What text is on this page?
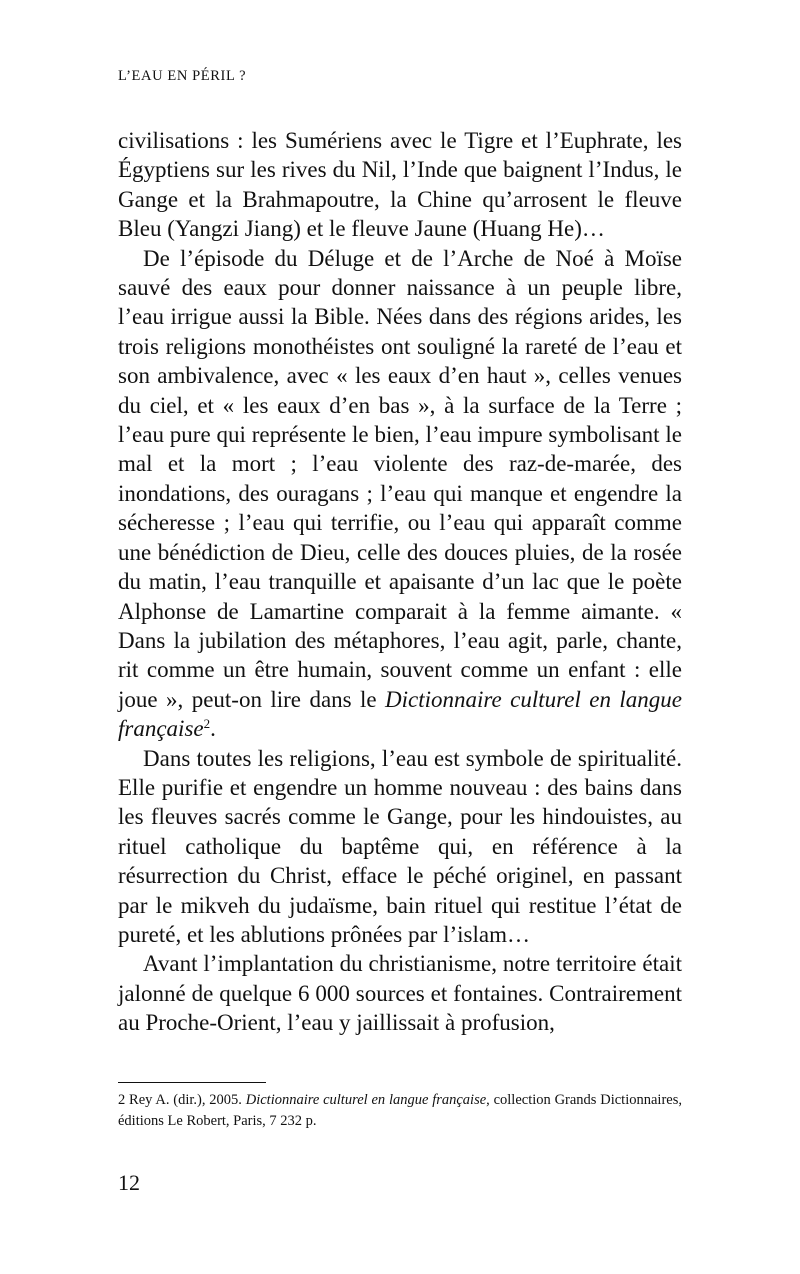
L’EAU EN PÉRIL ?

civilisations : les Sumériens avec le Tigre et l’Euphrate, les Égyptiens sur les rives du Nil, l’Inde que baignent l’Indus, le Gange et la Brahmapoutre, la Chine qu’arrosent le fleuve Bleu (Yangzi Jiang) et le fleuve Jaune (Huang He)…

De l’épisode du Déluge et de l’Arche de Noé à Moïse sauvé des eaux pour donner naissance à un peuple libre, l’eau irrigue aussi la Bible. Nées dans des régions arides, les trois religions monothéistes ont souligné la rareté de l’eau et son ambivalence, avec « les eaux d’en haut », celles venues du ciel, et « les eaux d’en bas », à la surface de la Terre ; l’eau pure qui représente le bien, l’eau impure symbolisant le mal et la mort ; l’eau violente des raz-de-marée, des inondations, des ouragans ; l’eau qui manque et engendre la sécheresse ; l’eau qui terrifie, ou l’eau qui apparaît comme une bénédiction de Dieu, celle des douces pluies, de la rosée du matin, l’eau tranquille et apaisante d’un lac que le poète Alphonse de Lamartine comparait à la femme aimante. « Dans la jubilation des métaphores, l’eau agit, parle, chante, rit comme un être humain, souvent comme un enfant : elle joue », peut-on lire dans le Dictionnaire culturel en langue française$^2$.

Dans toutes les religions, l’eau est symbole de spiritualité. Elle purifie et engendre un homme nouveau : des bains dans les fleuves sacrés comme le Gange, pour les hindouistes, au rituel catholique du baptême qui, en référence à la résurrection du Christ, efface le péché originel, en passant par le mikveh du judaïsme, bain rituel qui restitue l’état de pureté, et les ablutions prônées par l’islam…

Avant l’implantation du christianisme, notre territoire était jalonné de quelque 6 000 sources et fontaines. Contrairement au Proche-Orient, l’eau y jaillissait à profusion,

2 Rey A. (dir.), 2005. Dictionnaire culturel en langue française, collection Grands Dictionnaires, éditions Le Robert, Paris, 7 232 p.

12
